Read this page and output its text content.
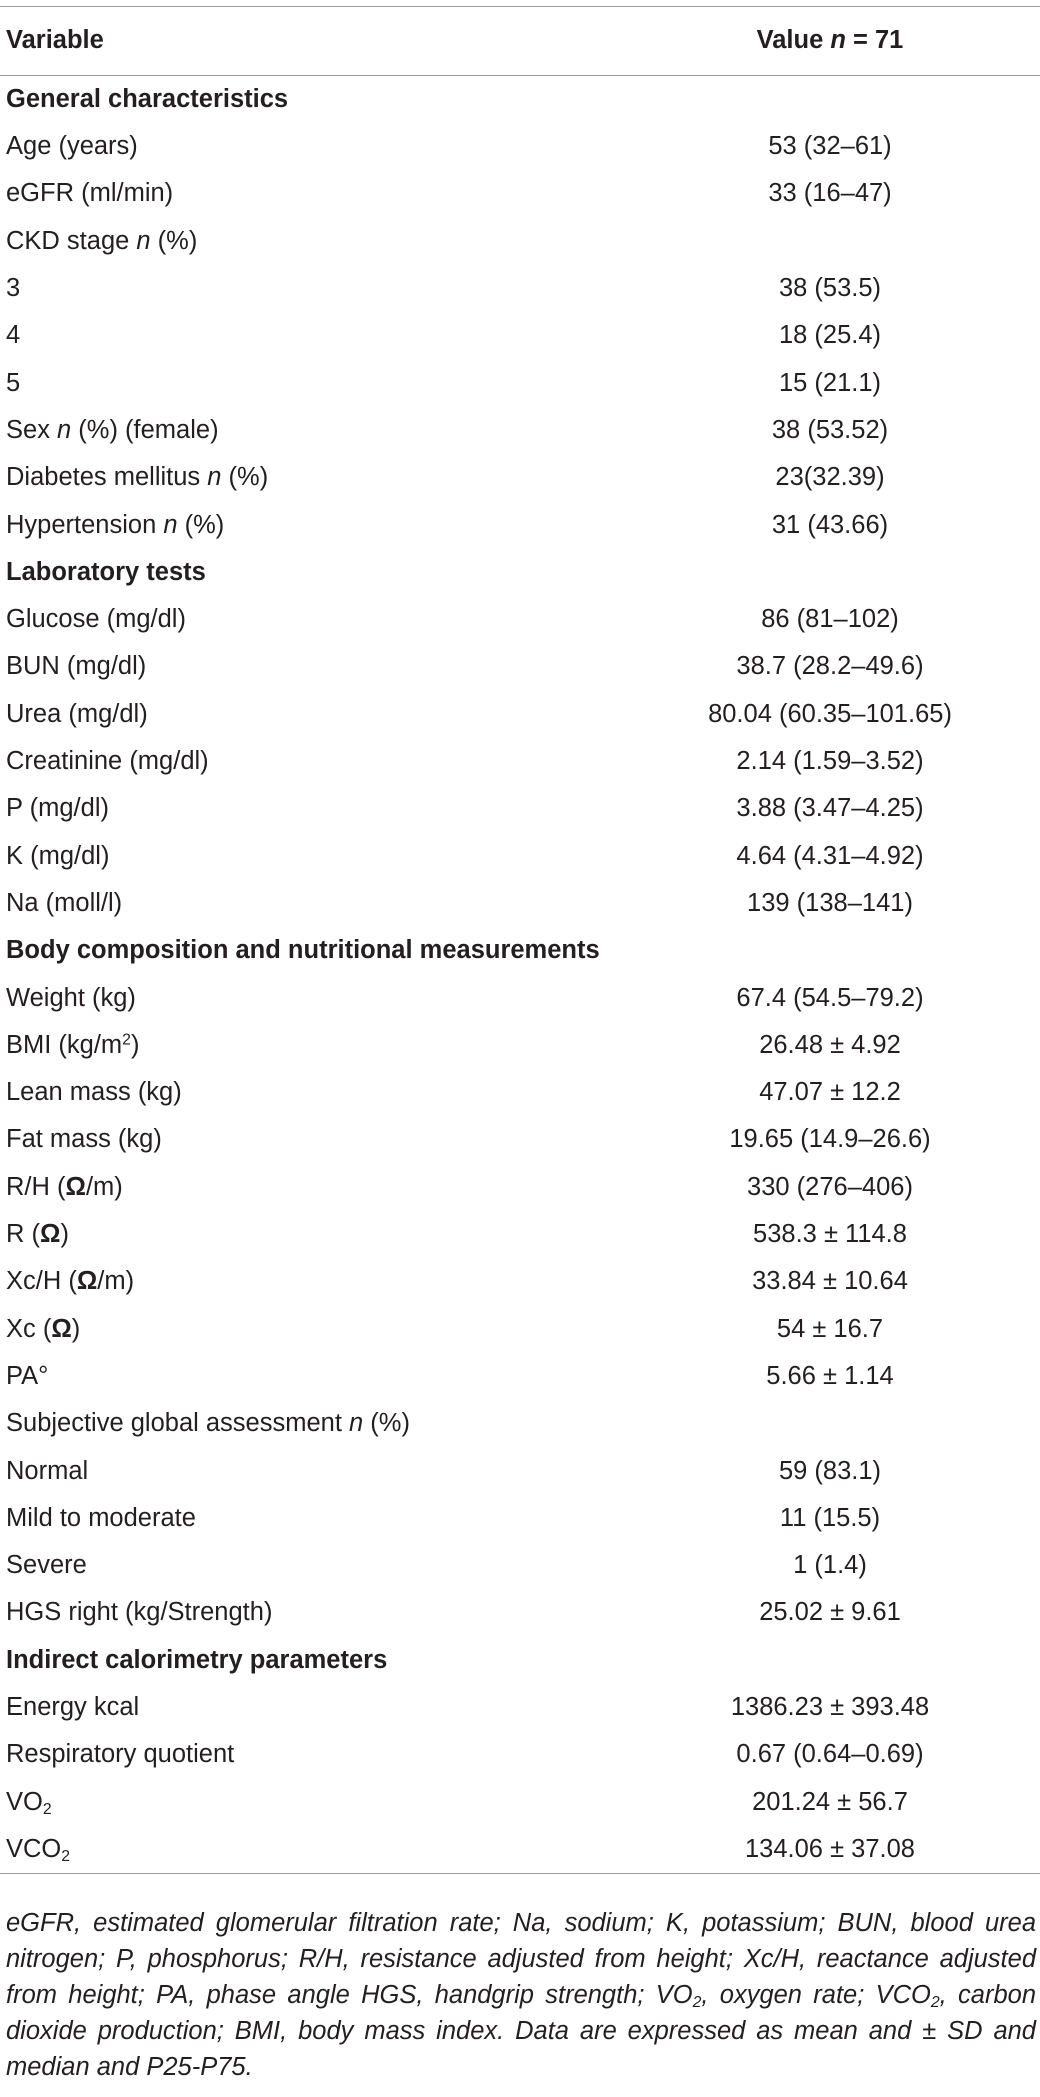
Variable	Value n = 71
General characteristics
Age (years)	53 (32–61)
eGFR (ml/min)	33 (16–47)
CKD stage n (%)
3	38 (53.5)
4	18 (25.4)
5	15 (21.1)
Sex n (%) (female)	38 (53.52)
Diabetes mellitus n (%)	23(32.39)
Hypertension n (%)	31 (43.66)
Laboratory tests
Glucose (mg/dl)	86 (81–102)
BUN (mg/dl)	38.7 (28.2–49.6)
Urea (mg/dl)	80.04 (60.35–101.65)
Creatinine (mg/dl)	2.14 (1.59–3.52)
P (mg/dl)	3.88 (3.47–4.25)
K (mg/dl)	4.64 (4.31–4.92)
Na (moll/l)	139 (138–141)
Body composition and nutritional measurements
Weight (kg)	67.4 (54.5–79.2)
BMI $(kg/m^2)$	26.48 ± 4.92
Lean mass (kg)	47.07 ± 12.2
Fat mass (kg)	19.65 (14.9–26.6)
R/H (Ω/m)	330 (276–406)
R (Ω)	538.3 ± 114.8
Xc/H (Ω/m)	33.84 ± 10.64
Xc (Ω)	54 ± 16.7
PA°	5.66 ± 1.14
Subjective global assessment n (%)
Normal	59 (83.1)
Mild to moderate	11 (15.5)
Severe	1 (1.4)
HGS right (kg/Strength)	25.02 ± 9.61
Indirect calorimetry parameters
Energy kcal	1386.23 ± 393.48
Respiratory quotient	0.67 (0.64–0.69)
$VO_2$	201.24 ± 56.7
$VCO_2$	134.06 ± 37.08
eGFR, estimated glomerular filtration rate; Na, sodium; K, potassium; BUN, blood urea nitrogen; P, phosphorus; R/H, resistance adjusted from height; Xc/H, reactance adjusted from height; PA, phase angle HGS, handgrip strength; $VO_2$, oxygen rate; $VCO_2$, carbon dioxide production; BMI, body mass index. Data are expressed as mean and ± SD and median and P25-P75.
